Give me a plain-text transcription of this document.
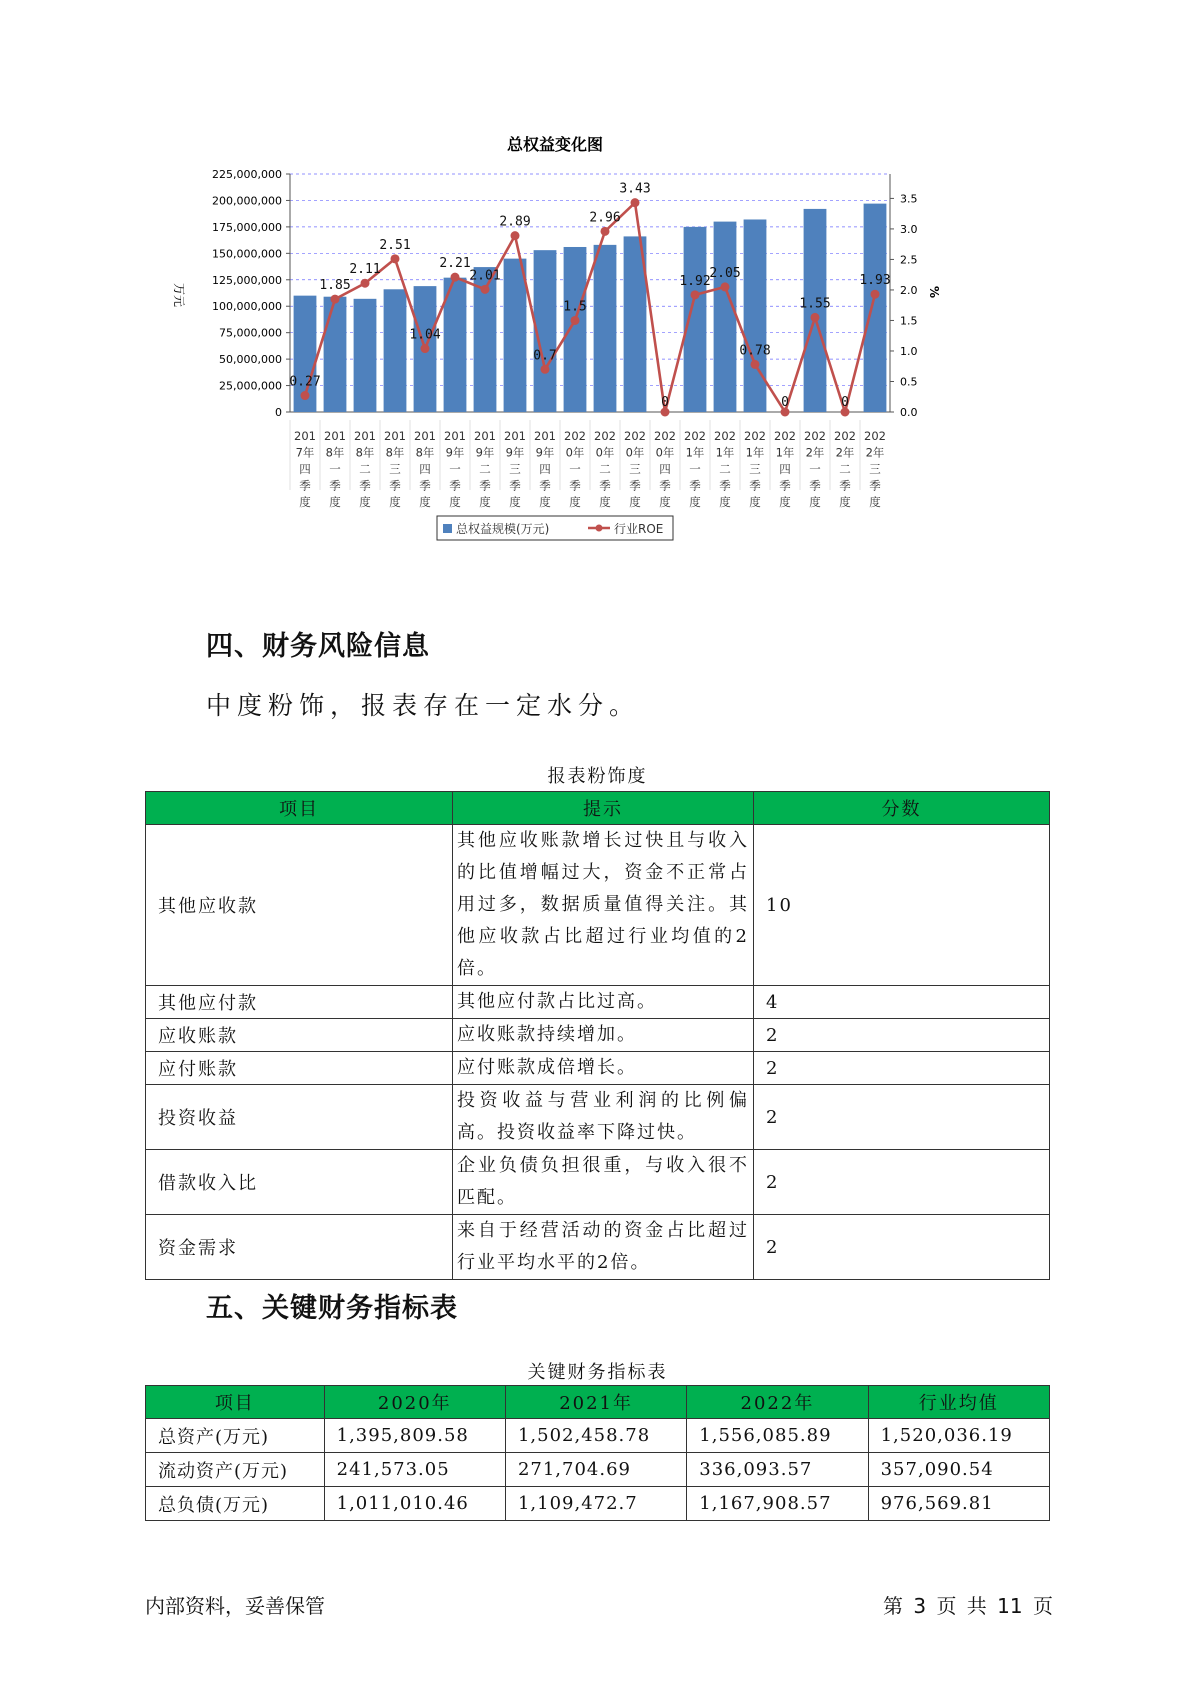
总权益变化图
225,000,000
200,000,000
175,000,000
150,000,000
125,000,000
100,000,000
75,000,000
50,000,000
25,000,000
0
3.5
3.0
2.5
2.0
1.5
1.0
0.5
0.0
万元	%
201
7年
四
季
度
201
8年
一
季
度
201
8年
二
季
度
201
8年
三
季
度
201
8年
四
季
度
201
9年
一
季
度
201
9年
二
季
度
201
9年
三
季
度
201
9年
四
季
度
202
0年
一
季
度
202
0年
二
季
度
202
0年
三
季
度
202
0年
四
季
度
202
1年
一
季
度
202
1年
二
季
度
202
1年
三
季
度
202
1年
四
季
度
202
2年
一
季
度
202
2年
二
季
度
202
2年
三
季
度
0.27
1.85
2.11
2.51
1.04
2.21
2.01
2.89
0.7
1.5
2.96
3.43
0
1.92
2.05
0.78
0
1.55
0
1.93
总权益规模(万元)	行业ROE
四、财务风险信息
中度粉饰，报表存在一定水分。
报表粉饰度
项目	提示	分数
其他应收款	其他应收账款增长过快且与收入的比值增幅过大，资金不正常占用过多，数据质量值得关注。其他应收款占比超过行业均值的2倍。	10
其他应付款	其他应付款占比过高。	4
应收账款	应收账款持续增加。	2
应付账款	应付账款成倍增长。	2
投资收益	投资收益与营业利润的比例偏高。投资收益率下降过快。	2
借款收入比	企业负债负担很重，与收入很不匹配。	2
资金需求	来自于经营活动的资金占比超过行业平均水平的2倍。	2
五、关键财务指标表
关键财务指标表
项目	2020年	2021年	2022年	行业均值
总资产(万元)	1,395,809.58	1,502,458.78	1,556,085.89	1,520,036.19
流动资产(万元)	241,573.05	271,704.69	336,093.57	357,090.54
总负债(万元)	1,011,010.46	1,109,472.7	1,167,908.57	976,569.81
内部资料，妥善保管	第 3 页 共 11 页
